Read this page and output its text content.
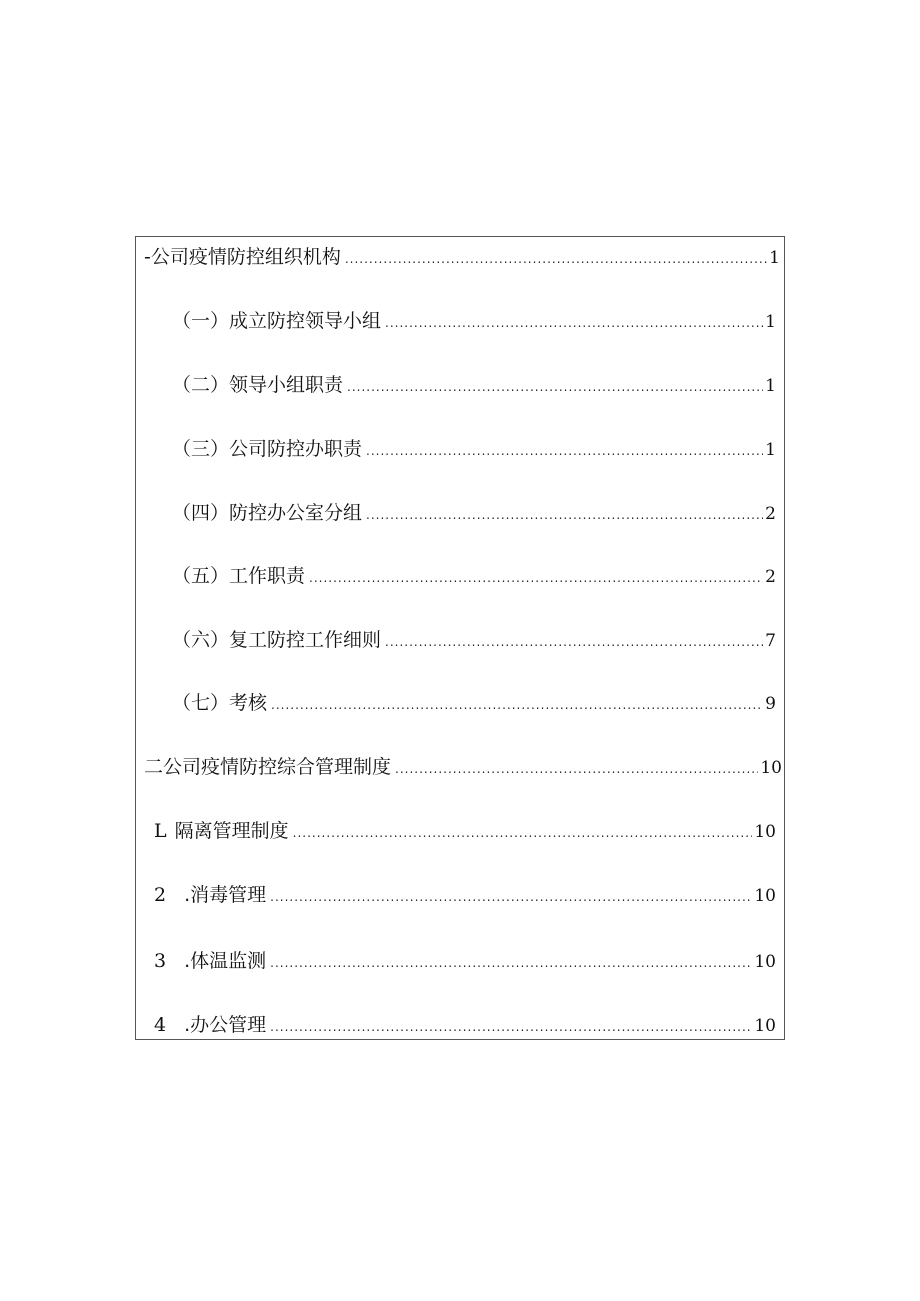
-公司疫情防控组织机构 .....	1
（一）成立防控领导小组 .....	1
（二）领导小组职责 .....	1
（三）公司防控办职责 .....	1
（四）防控办公室分组 .....	2
（五）工作职责 .....	2
（六）复工防控工作细则 .....	7
（七）考核 .....	9
二公司疫情防控综合管理制度 .....	10
L 隔离管理制度 .....	10
2 .消毒管理 .....	10
3 .体温监测 .....	10
4 .办公管理 .....	10
